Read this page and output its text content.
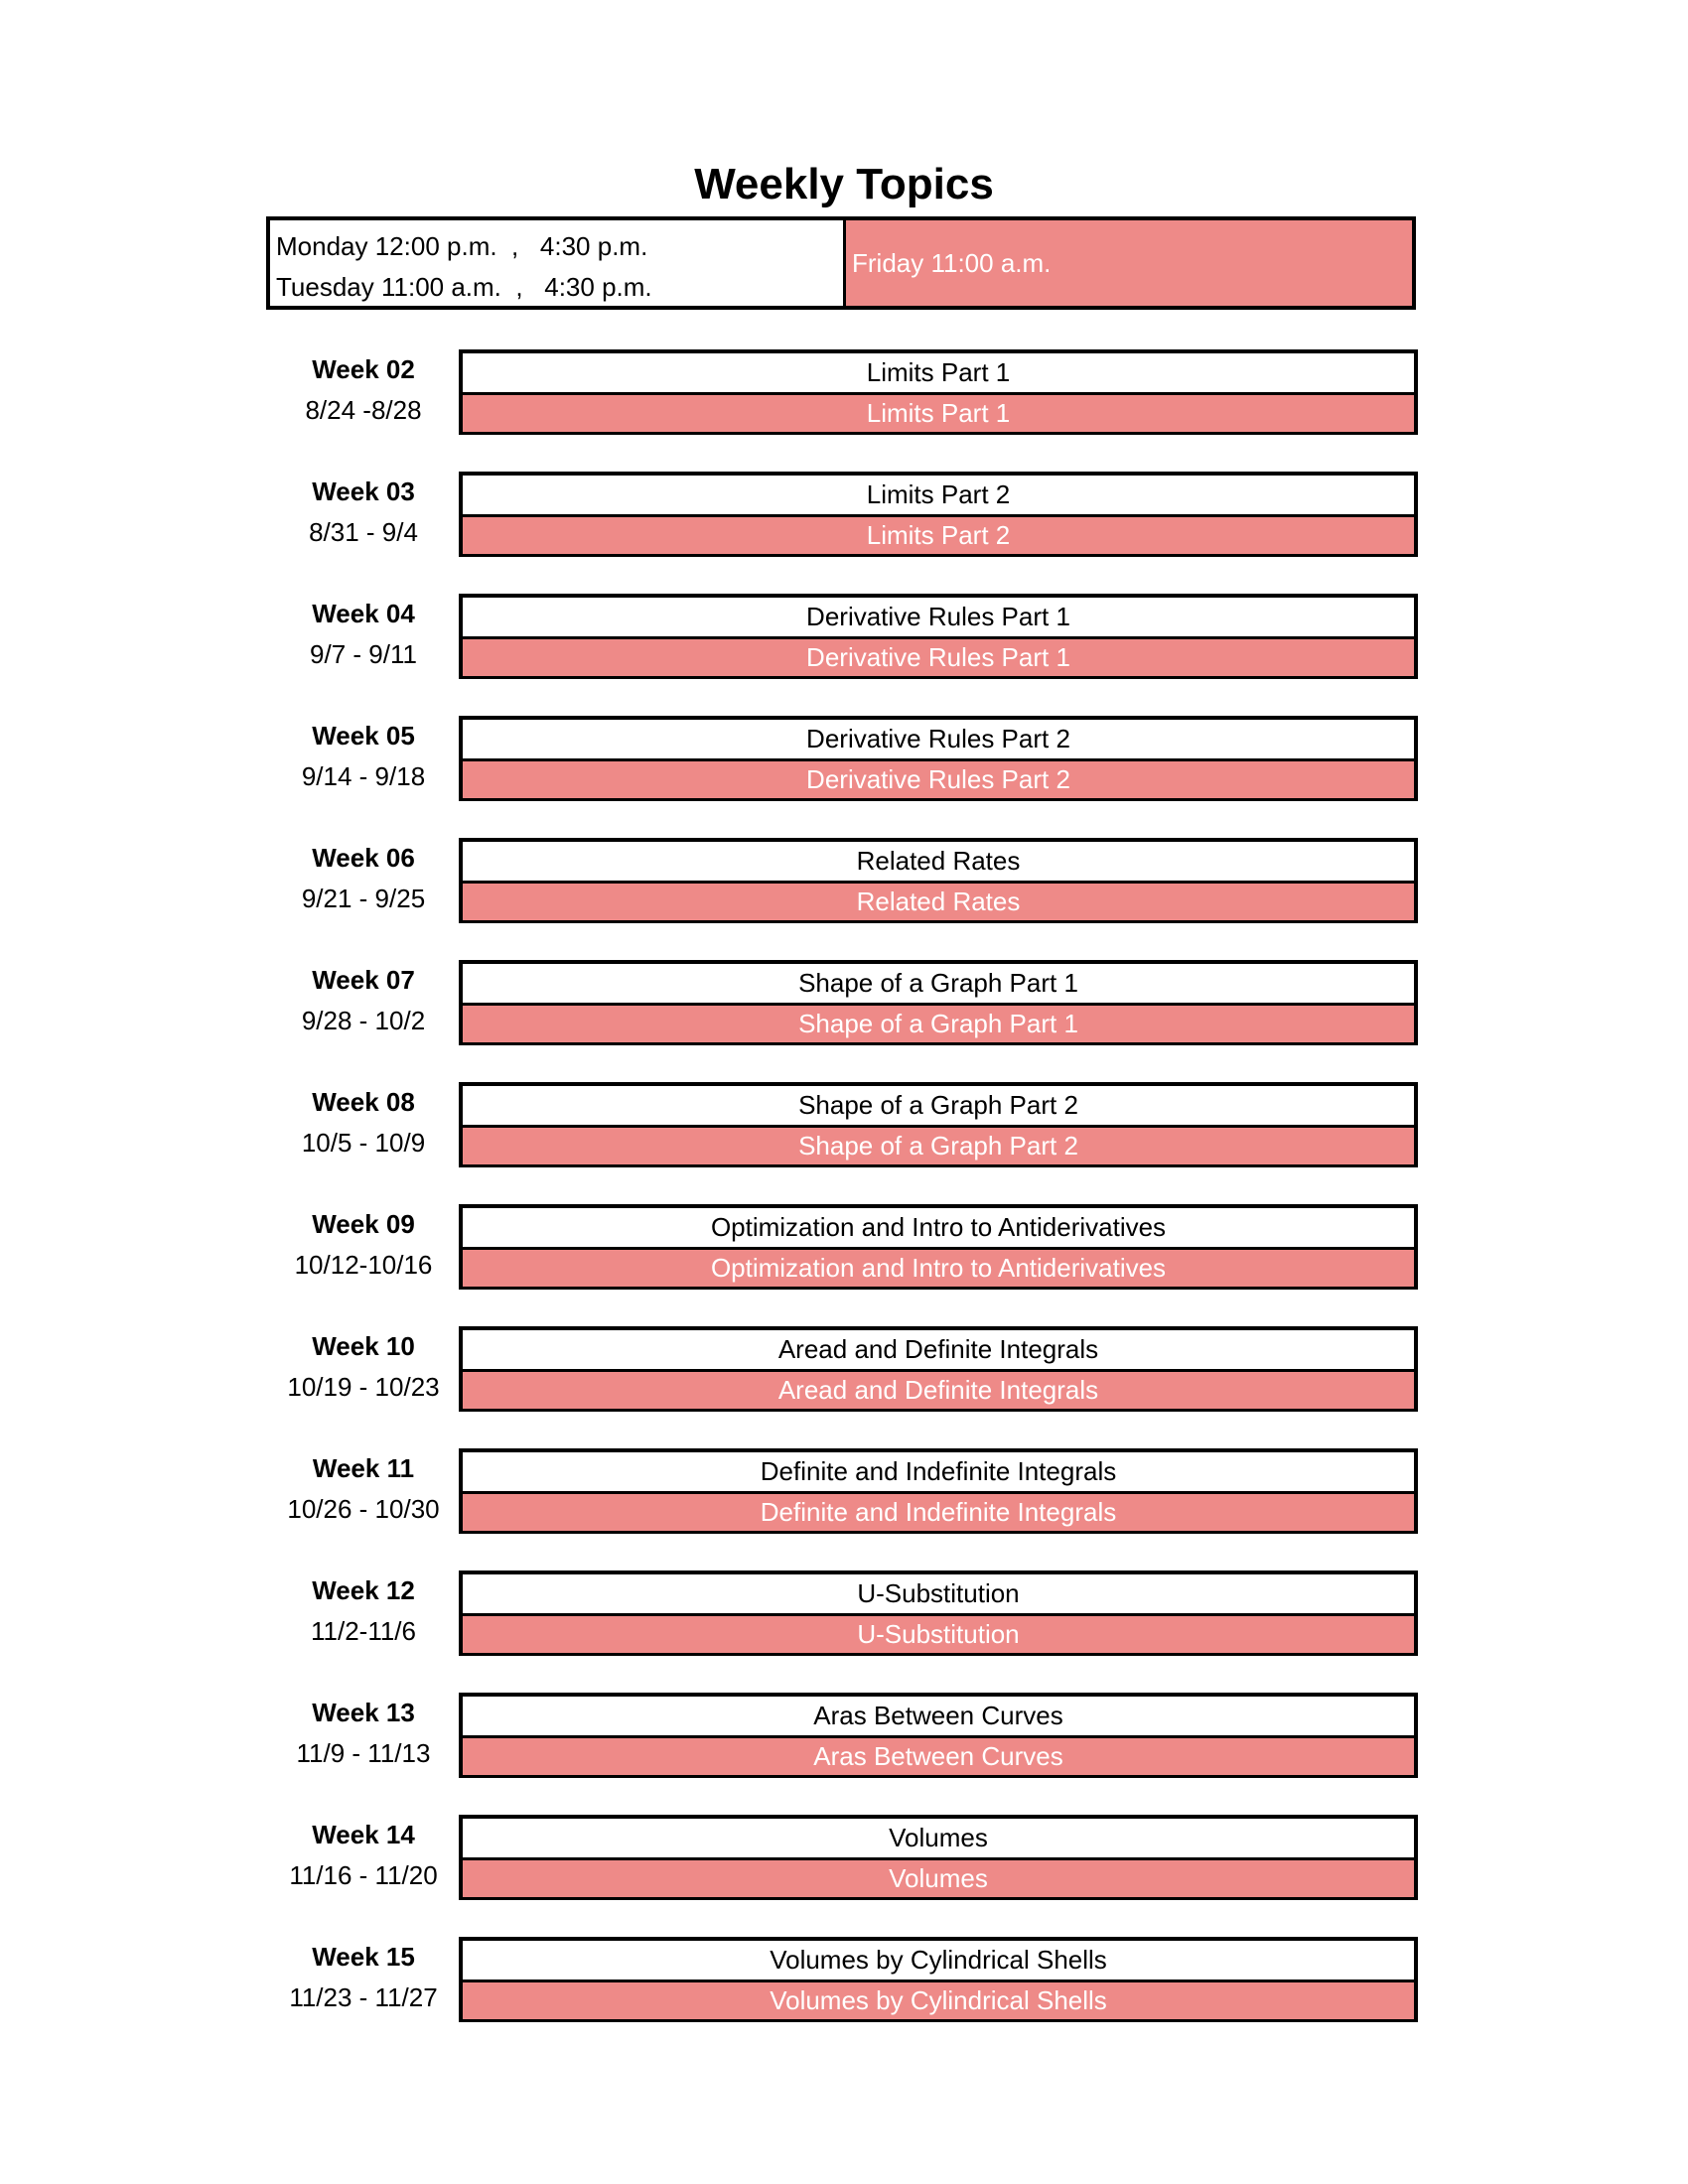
Weekly Topics
Monday 12:00 p.m.  ,   4:30 p.m.
Tuesday 11:00 a.m.  ,   4:30 p.m.
Friday 11:00 a.m.
Week 02
8/24 -8/28
Limits Part 1
Limits Part 1
Week 03
8/31 - 9/4
Limits Part 2
Limits Part 2
Week 04
9/7 - 9/11
Derivative Rules Part 1
Derivative Rules Part 1
Week 05
9/14 - 9/18
Derivative Rules Part 2
Derivative Rules Part 2
Week 06
9/21 - 9/25
Related Rates
Related Rates
Week 07
9/28 - 10/2
Shape of a Graph Part 1
Shape of a Graph Part 1
Week 08
10/5 - 10/9
Shape of a Graph Part 2
Shape of a Graph Part 2
Week 09
10/12-10/16
Optimization and Intro to Antiderivatives
Optimization and Intro to Antiderivatives
Week 10
10/19 - 10/23
Aread and Definite Integrals
Aread and Definite Integrals
Week 11
10/26 - 10/30
Definite and Indefinite Integrals
Definite and Indefinite Integrals
Week 12
11/2-11/6
U-Substitution
U-Substitution
Week 13
11/9 - 11/13
Aras Between Curves
Aras Between Curves
Week 14
11/16 - 11/20
Volumes
Volumes
Week 15
11/23 - 11/27
Volumes by Cylindrical Shells
Volumes by Cylindrical Shells
